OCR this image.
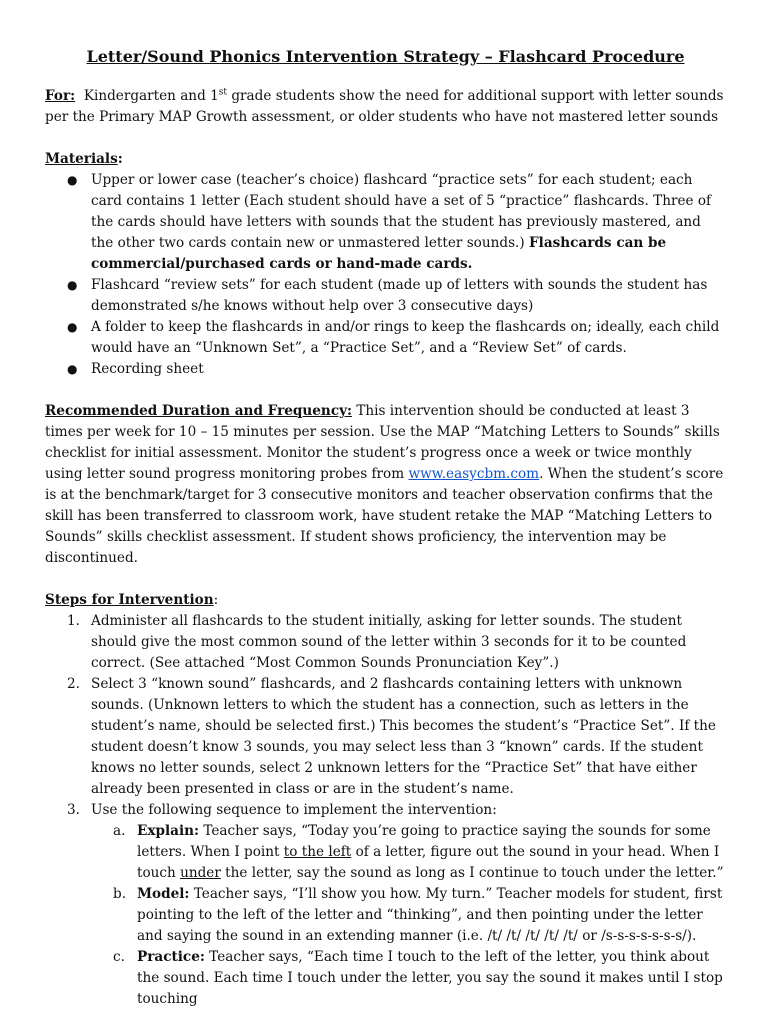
Letter/Sound Phonics Intervention Strategy – Flashcard Procedure

For: Kindergarten and 1st grade students show the need for additional support with letter sounds per the Primary MAP Growth assessment, or older students who have not mastered letter sounds

Materials:

● Upper or lower case (teacher’s choice) flashcard “practice sets” for each student; each card contains 1 letter (Each student should have a set of 5 “practice” flashcards. Three of the cards should have letters with sounds that the student has previously mastered, and the other two cards contain new or unmastered letter sounds.) Flashcards can be commercial/purchased cards or hand-made cards.
● Flashcard “review sets” for each student (made up of letters with sounds the student has demonstrated s/he knows without help over 3 consecutive days)
● A folder to keep the flashcards in and/or rings to keep the flashcards on; ideally, each child would have an “Unknown Set”, a “Practice Set”, and a “Review Set” of cards.
● Recording sheet

Recommended Duration and Frequency: This intervention should be conducted at least 3 times per week for 10 – 15 minutes per session. Use the MAP “Matching Letters to Sounds” skills checklist for initial assessment. Monitor the student’s progress once a week or twice monthly using letter sound progress monitoring probes from www.easycbm.com. When the student’s score is at the benchmark/target for 3 consecutive monitors and teacher observation confirms that the skill has been transferred to classroom work, have student retake the MAP “Matching Letters to Sounds” skills checklist assessment. If student shows proficiency, the intervention may be discontinued.

Steps for Intervention:

1. Administer all flashcards to the student initially, asking for letter sounds. The student should give the most common sound of the letter within 3 seconds for it to be counted correct. (See attached “Most Common Sounds Pronunciation Key”.)
2. Select 3 “known sound” flashcards, and 2 flashcards containing letters with unknown sounds. (Unknown letters to which the student has a connection, such as letters in the student’s name, should be selected first.) This becomes the student’s “Practice Set”. If the student doesn’t know 3 sounds, you may select less than 3 “known” cards. If the student knows no letter sounds, select 2 unknown letters for the “Practice Set” that have either already been presented in class or are in the student’s name.
3. Use the following sequence to implement the intervention:
a. Explain: Teacher says, “Today you’re going to practice saying the sounds for some letters. When I point to the left of a letter, figure out the sound in your head. When I touch under the letter, say the sound as long as I continue to touch under the letter.”
b. Model: Teacher says, “I’ll show you how. My turn.” Teacher models for student, first pointing to the left of the letter and “thinking”, and then pointing under the letter and saying the sound in an extending manner (i.e. /t/ /t/ /t/ /t/ /t/ or /s-s-s-s-s-s-s/).
c. Practice: Teacher says, “Each time I touch to the left of the letter, you think about the sound. Each time I touch under the letter, you say the sound it makes until I stop touching
